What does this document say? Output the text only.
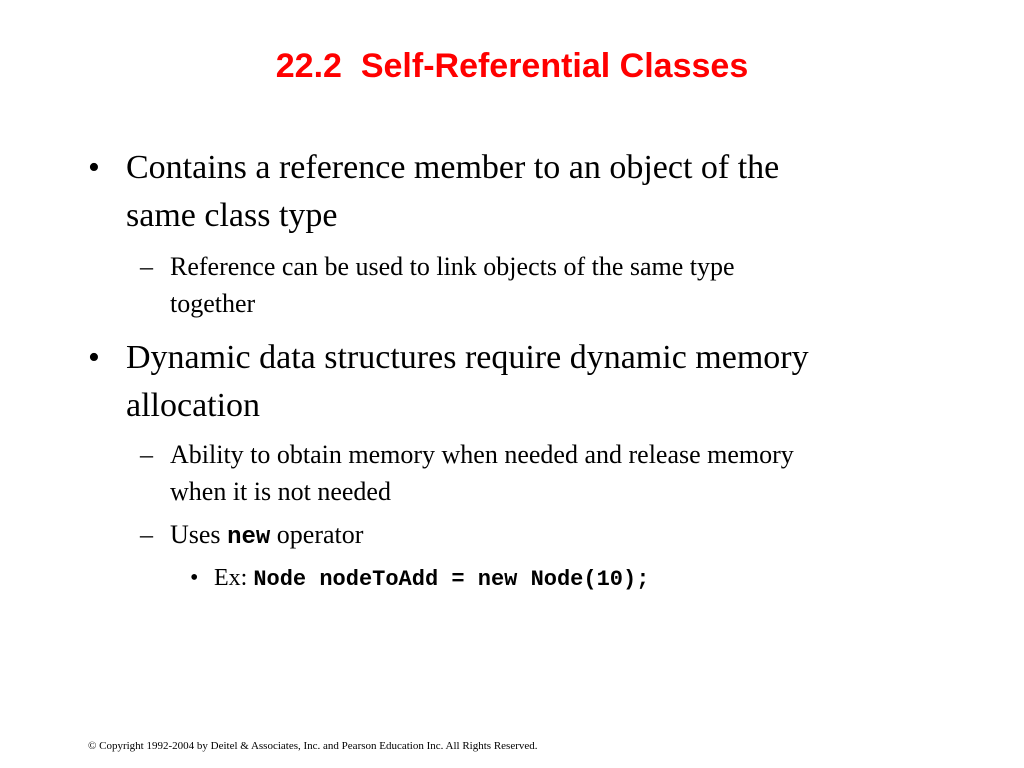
22.2  Self-Referential Classes
• Contains a reference member to an object of the
same class type
– Reference can be used to link objects of the same type
together
• Dynamic data structures require dynamic memory
allocation
– Ability to obtain memory when needed and release memory
when it is not needed
– Uses new operator
• Ex: Node nodeToAdd = new Node(10);
© Copyright 1992-2004 by Deitel & Associates, Inc. and Pearson Education Inc. All Rights Reserved.
